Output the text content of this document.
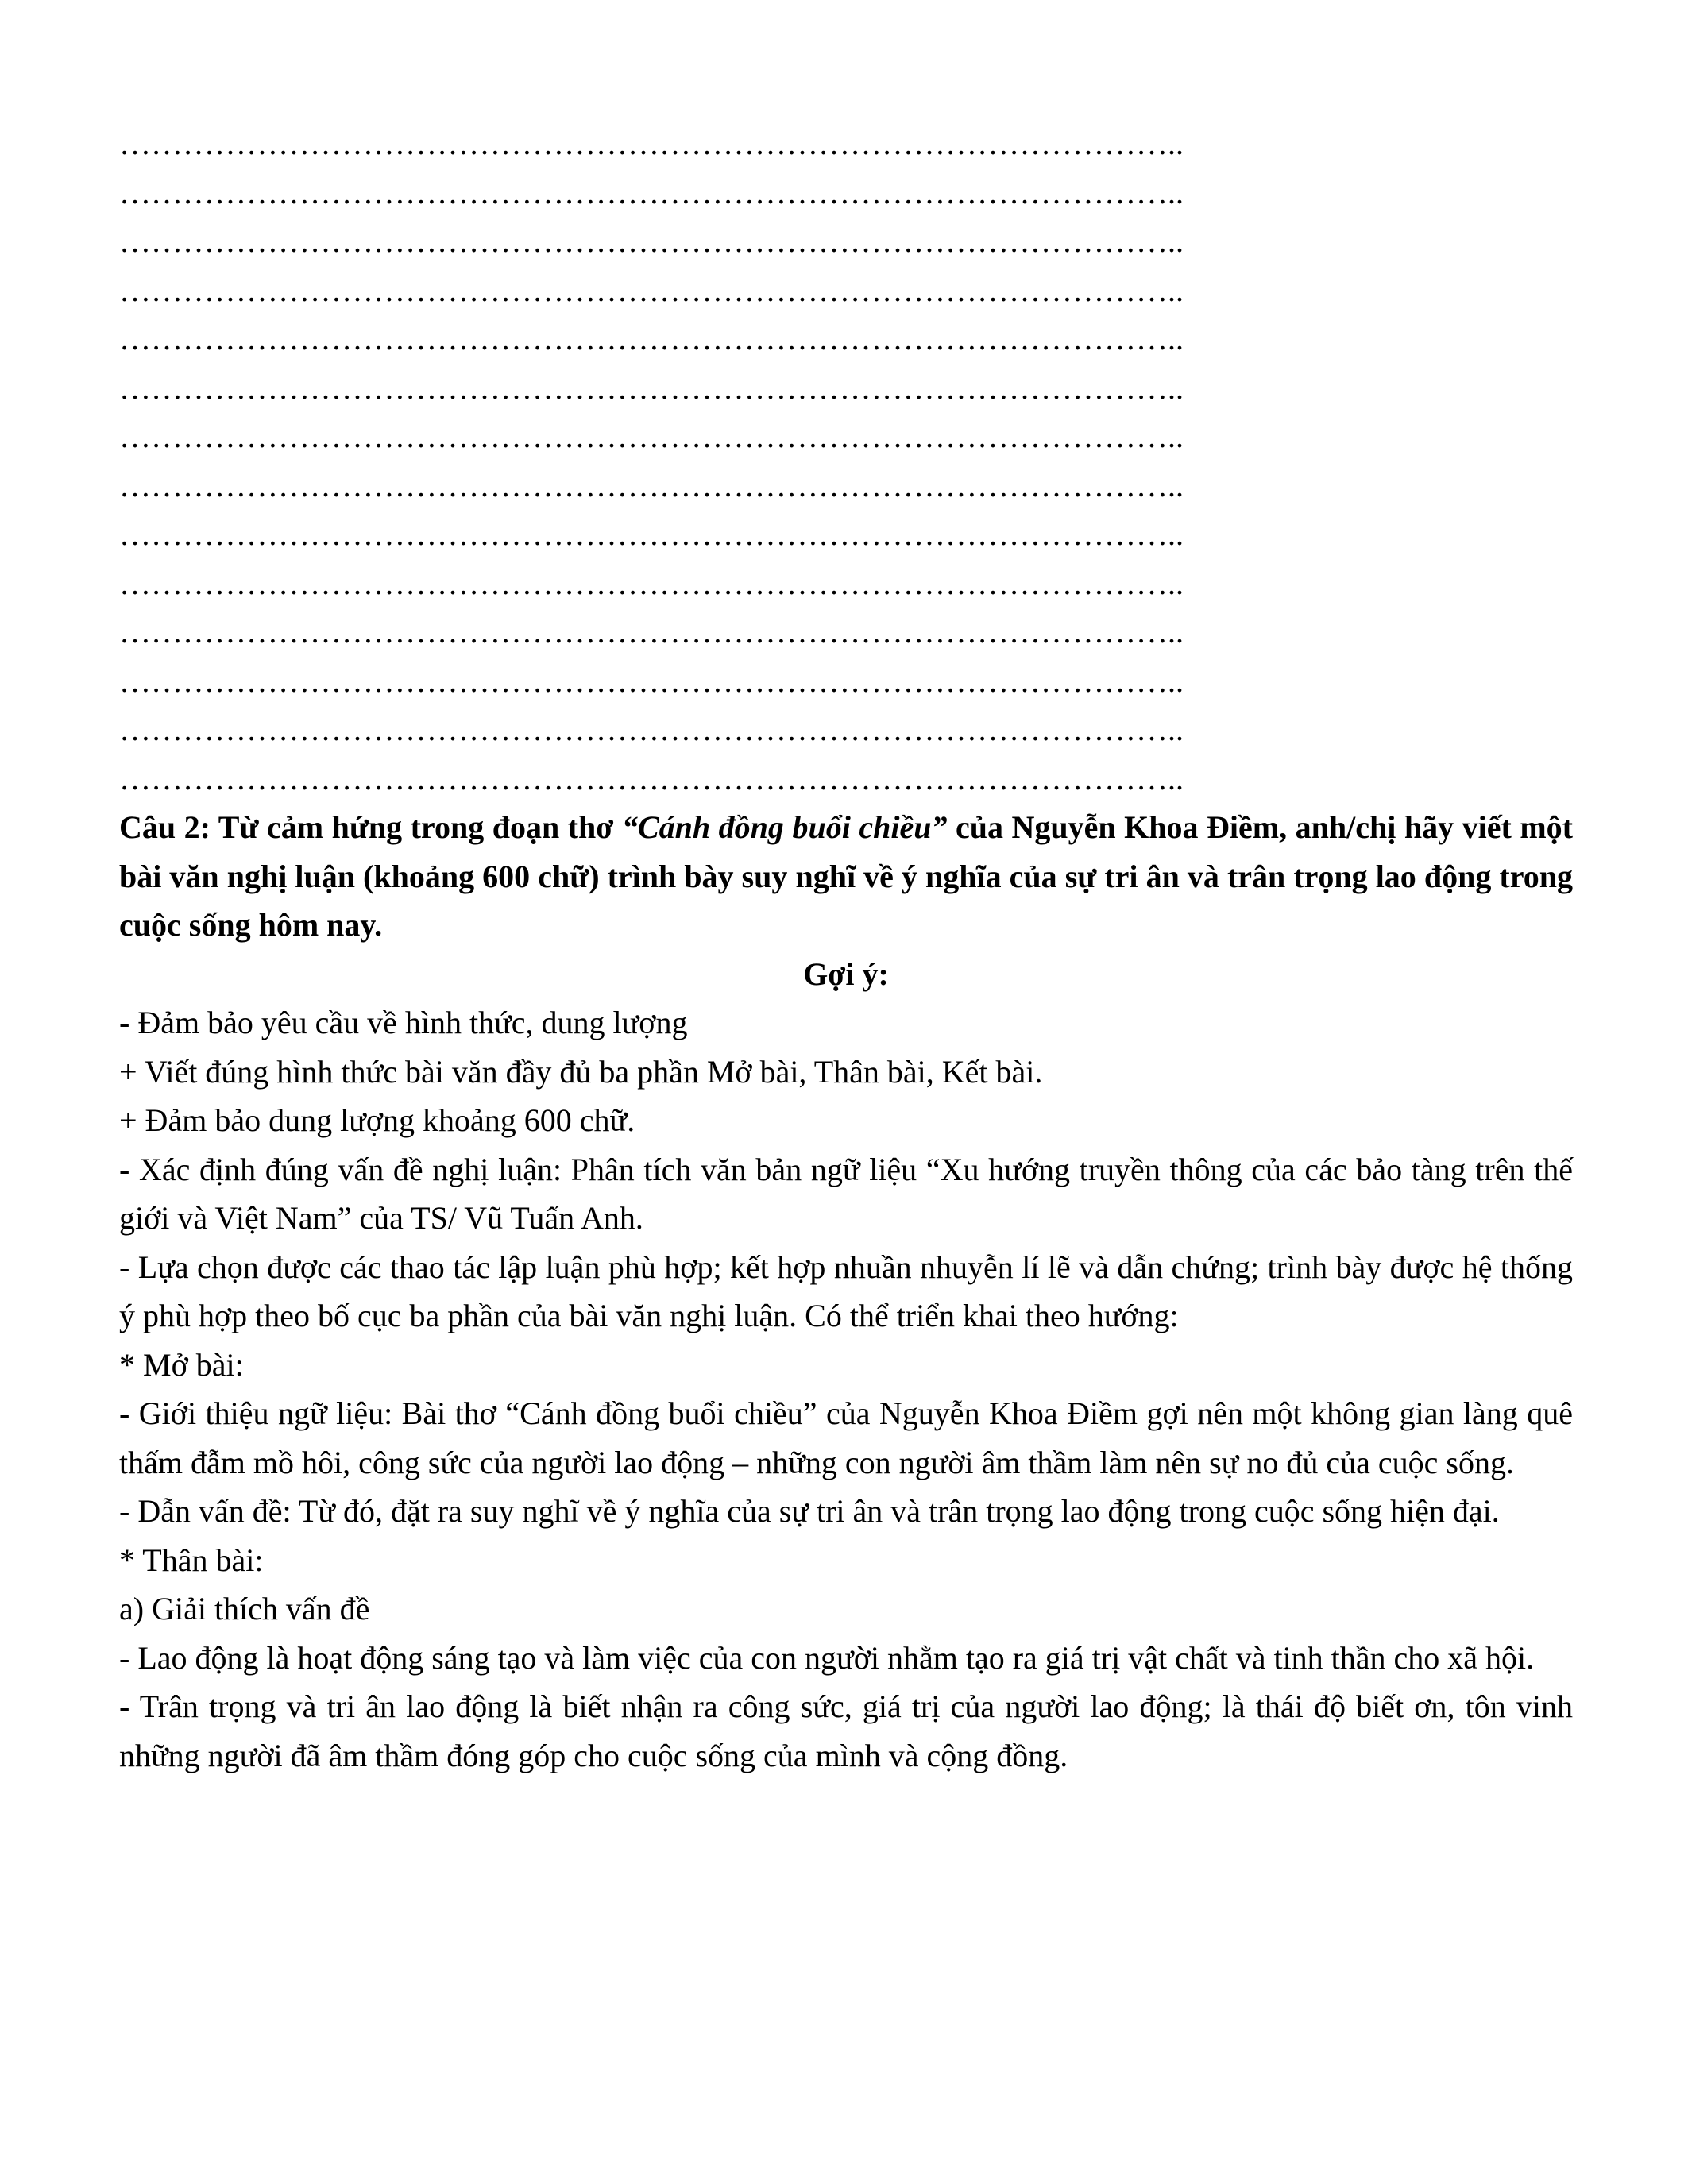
………………………………………………………………………………………..
………………………………………………………………………………………..
………………………………………………………………………………………..
………………………………………………………………………………………..
………………………………………………………………………………………..
………………………………………………………………………………………..
………………………………………………………………………………………..
………………………………………………………………………………………..
………………………………………………………………………………………..
………………………………………………………………………………………..
………………………………………………………………………………………..
………………………………………………………………………………………..
………………………………………………………………………………………..
………………………………………………………………………………………..

Câu 2: Từ cảm hứng trong đoạn thơ “Cánh đồng buổi chiều” của Nguyễn Khoa Điềm, anh/chị hãy viết một bài văn nghị luận (khoảng 600 chữ) trình bày suy nghĩ về ý nghĩa của sự tri ân và trân trọng lao động trong cuộc sống hôm nay.

Gợi ý:

- Đảm bảo yêu cầu về hình thức, dung lượng

+ Viết đúng hình thức bài văn đầy đủ ba phần Mở bài, Thân bài, Kết bài.

+ Đảm bảo dung lượng khoảng 600 chữ.

- Xác định đúng vấn đề nghị luận: Phân tích văn bản ngữ liệu “Xu hướng truyền thông của các bảo tàng trên thế giới và Việt Nam” của TS/ Vũ Tuấn Anh.

- Lựa chọn được các thao tác lập luận phù hợp; kết hợp nhuần nhuyễn lí lẽ và dẫn chứng; trình bày được hệ thống ý phù hợp theo bố cục ba phần của bài văn nghị luận. Có thể triển khai theo hướng:

* Mở bài:

- Giới thiệu ngữ liệu: Bài thơ “Cánh đồng buổi chiều” của Nguyễn Khoa Điềm gợi nên một không gian làng quê thấm đẫm mồ hôi, công sức của người lao động – những con người âm thầm làm nên sự no đủ của cuộc sống.

- Dẫn vấn đề: Từ đó, đặt ra suy nghĩ về ý nghĩa của sự tri ân và trân trọng lao động trong cuộc sống hiện đại.

* Thân bài:

a) Giải thích vấn đề

- Lao động là hoạt động sáng tạo và làm việc của con người nhằm tạo ra giá trị vật chất và tinh thần cho xã hội.

- Trân trọng và tri ân lao động là biết nhận ra công sức, giá trị của người lao động; là thái độ biết ơn, tôn vinh những người đã âm thầm đóng góp cho cuộc sống của mình và cộng đồng.
